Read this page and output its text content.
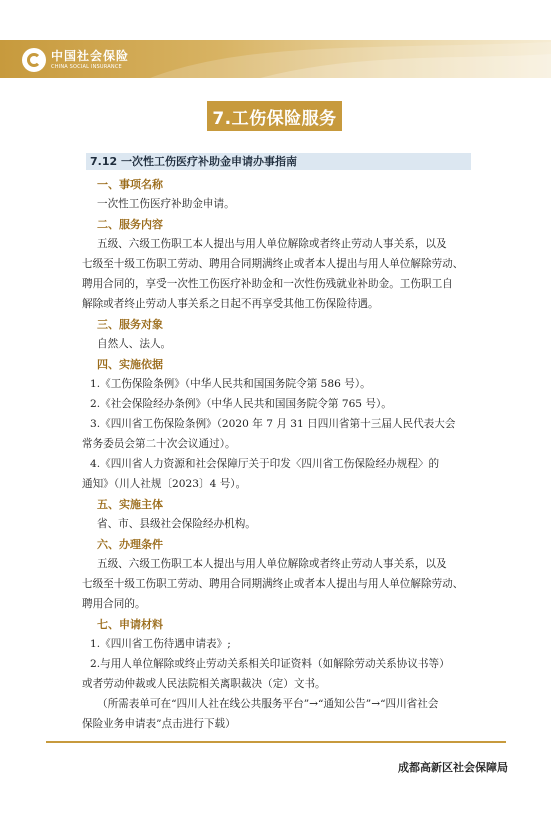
中国社会保险
CHINA SOCIAL INSURANCE
7.工伤保险服务
7.12 一次性工伤医疗补助金申请办事指南
一、事项名称
一次性工伤医疗补助金申请。
二、服务内容
五级、六级工伤职工本人提出与用人单位解除或者终止劳动人事关系，以及
七级至十级工伤职工劳动、聘用合同期满终止或者本人提出与用人单位解除劳动、
聘用合同的，享受一次性工伤医疗补助金和一次性伤残就业补助金。工伤职工自
解除或者终止劳动人事关系之日起不再享受其他工伤保险待遇。
三、服务对象
自然人、法人。
四、实施依据
1.《工伤保险条例》（中华人民共和国国务院令第 586 号）。
2.《社会保险经办条例》（中华人民共和国国务院令第 765 号）。
3.《四川省工伤保险条例》（2020 年 7 月 31 日四川省第十三届人民代表大会
常务委员会第二十次会议通过）。
4.《四川省人力资源和社会保障厅关于印发〈四川省工伤保险经办规程〉的
通知》（川人社规〔2023〕4 号）。
五、实施主体
省、市、县级社会保险经办机构。
六、办理条件
五级、六级工伤职工本人提出与用人单位解除或者终止劳动人事关系，以及
七级至十级工伤职工劳动、聘用合同期满终止或者本人提出与用人单位解除劳动、
聘用合同的。
七、申请材料
1.《四川省工伤待遇申请表》;
2.与用人单位解除或终止劳动关系相关印证资料（如解除劳动关系协议书等）
或者劳动仲裁或人民法院相关离职裁决（定）文书。
（所需表单可在“四川人社在线公共服务平台”→“通知公告”→“四川省社会
保险业务申请表”点击进行下载）
成都高新区社会保障局
